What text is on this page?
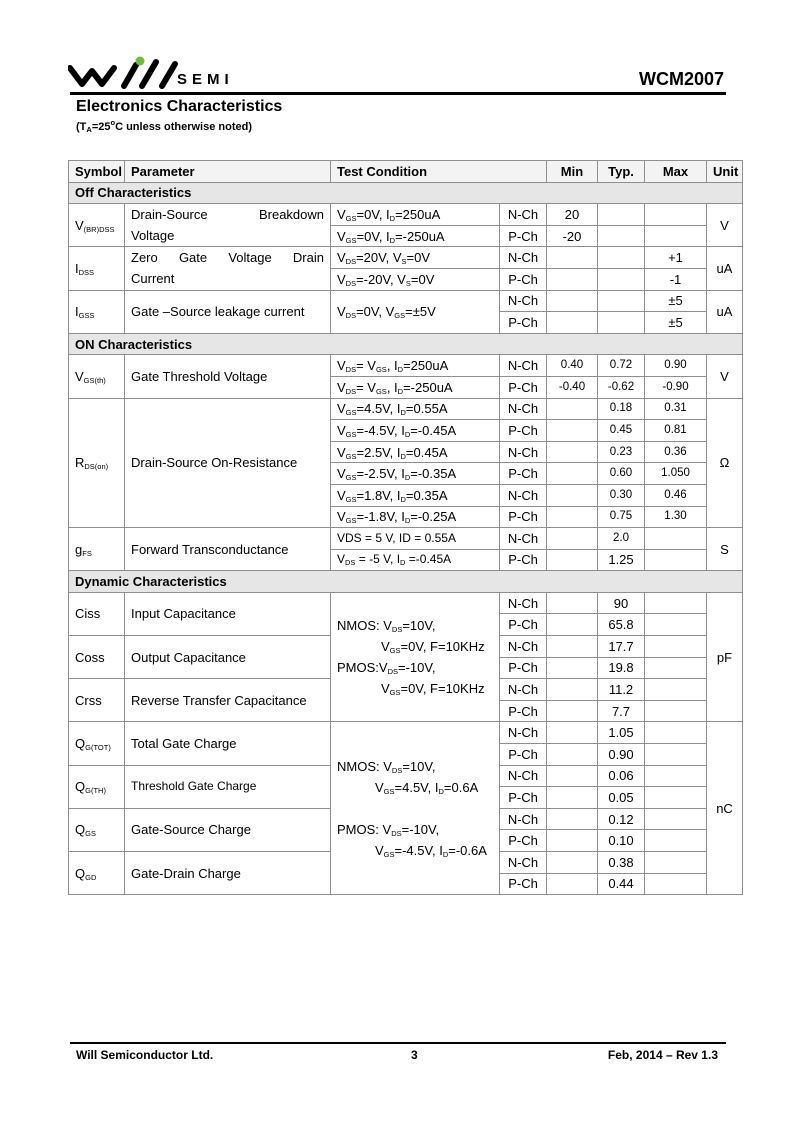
SEMI	WCM2007
Electronics Characteristics
($T_A=25^oC$ unless otherwise noted)
Symbol	Parameter	Test Condition		Min	Typ.	Max	Unit
Off Characteristics							
$V_{(BR)DSS}$	Drain-Source Breakdown
Voltage	$V_{GS}=0V$, $I_D=250uA$	N-Ch	20			V
		$V_{GS}=0V$, $I_D=-250uA$	P-Ch	-20			
$I_{DSS}$	Zero Gate Voltage Drain
Current	$V_{DS}=20V$, $V_S=0V$	N-Ch			+1	uA
		$V_{DS}=-20V$, $V_S=0V$	P-Ch			-1	
$I_{GSS}$	Gate –Source leakage current	$V_{DS}=0V$, $V_{GS}=\pm 5V$	N-Ch			±5	uA
			P-Ch			±5	
ON Characteristics							
$V_{GS(th)}$	Gate Threshold Voltage	$V_{DS}= V_{GS}$, $I_D=250uA$	N-Ch	0.40	0.72	0.90	V
		$V_{DS}= V_{GS}$, $I_D=-250uA$	P-Ch	-0.40	-0.62	-0.90	
$R_{DS(on)}$	Drain-Source On-Resistance	$V_{GS}=4.5V$, $I_D=0.55A$	N-Ch		0.18	0.31	Ω
		$V_{GS}=-4.5V$, $I_D=-0.45A$	P-Ch		0.45	0.81	
		$V_{GS}=2.5V$, $I_D=0.45A$	N-Ch		0.23	0.36	
		$V_{GS}=-2.5V$, $I_D=-0.35A$	P-Ch		0.60	1.050	
		$V_{GS}=1.8V$, $I_D=0.35A$	N-Ch		0.30	0.46	
		$V_{GS}=-1.8V$, $I_D=-0.25A$	P-Ch		0.75	1.30	
$g_{FS}$	Forward Transconductance	VDS = 5 V, ID = 0.55A	N-Ch		2.0		S
		$V_{DS} = -5$ V, $I_D =-0.45A$	P-Ch		1.25		
Dynamic Characteristics							
Ciss	Input Capacitance	NMOS: $V_{DS}=10V$,
$V_{GS}=0V$, F=10KHz
$PMOS:V_{DS}=-10V$,
$V_{GS}=0V$, F=10KHz	N-Ch		90		pF
			P-Ch		65.8		
Coss	Output Capacitance		N-Ch		17.7		
			P-Ch		19.8		
Crss	Reverse Transfer Capacitance		N-Ch		11.2		
			P-Ch		7.7		
$Q_{G(TOT)}$	Total Gate Charge	NMOS: $V_{DS}=10V$,
$V_{GS}=4.5V$, $I_D=0.6A$
PMOS: $V_{DS}=-10V$,
$V_{GS}=-4.5V$, $I_D=-0.6A$	N-Ch		1.05		nC
			P-Ch		0.90		
$Q_{G(TH)}$	Threshold Gate Charge		N-Ch		0.06		
			P-Ch		0.05		
$Q_{GS}$	Gate-Source Charge		N-Ch		0.12		
			P-Ch		0.10		
$Q_{GD}$	Gate-Drain Charge		N-Ch		0.38		
			P-Ch		0.44		
Will Semiconductor Ltd.	3	Feb, 2014 – Rev 1.3
